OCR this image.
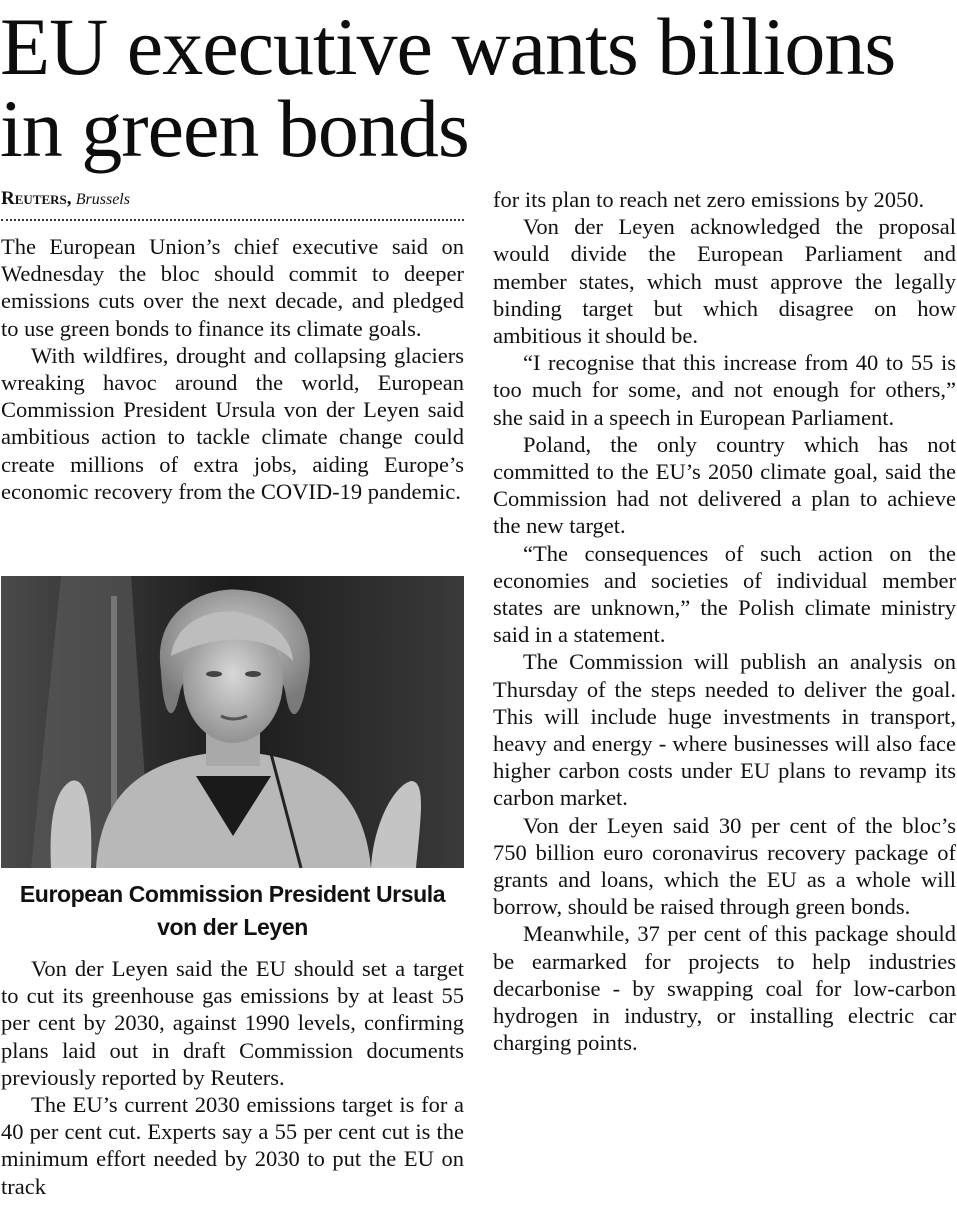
EU executive wants billions in green bonds
Reuters, Brussels

The European Union’s chief executive said on Wednesday the bloc should commit to deeper emissions cuts over the next decade, and pledged to use green bonds to finance its climate goals.

With wildfires, drought and collapsing glaciers wreaking havoc around the world, European Commission President Ursula von der Leyen said ambitious action to tackle climate change could create millions of extra jobs, aiding Europe’s economic recovery from the COVID-19 pandemic.

European Commission President Ursula von der Leyen

Von der Leyen said the EU should set a target to cut its greenhouse gas emissions by at least 55 per cent by 2030, against 1990 levels, confirming plans laid out in draft Commission documents previously reported by Reuters.

The EU’s current 2030 emissions target is for a 40 per cent cut. Experts say a 55 per cent cut is the minimum effort needed by 2030 to put the EU on track

for its plan to reach net zero emissions by 2050.

Von der Leyen acknowledged the proposal would divide the European Parliament and member states, which must approve the legally binding target but which disagree on how ambitious it should be.

“I recognise that this increase from 40 to 55 is too much for some, and not enough for others,” she said in a speech in European Parliament.

Poland, the only country which has not committed to the EU’s 2050 climate goal, said the Commission had not delivered a plan to achieve the new target.

“The consequences of such action on the economies and societies of individual member states are unknown,” the Polish climate ministry said in a statement.

The Commission will publish an analysis on Thursday of the steps needed to deliver the goal. This will include huge investments in transport, heavy and energy - where businesses will also face higher carbon costs under EU plans to revamp its carbon market.

Von der Leyen said 30 per cent of the bloc’s 750 billion euro coronavirus recovery package of grants and loans, which the EU as a whole will borrow, should be raised through green bonds.

Meanwhile, 37 per cent of this package should be earmarked for projects to help industries decarbonise - by swapping coal for low-carbon hydrogen in industry, or installing electric car charging points.
